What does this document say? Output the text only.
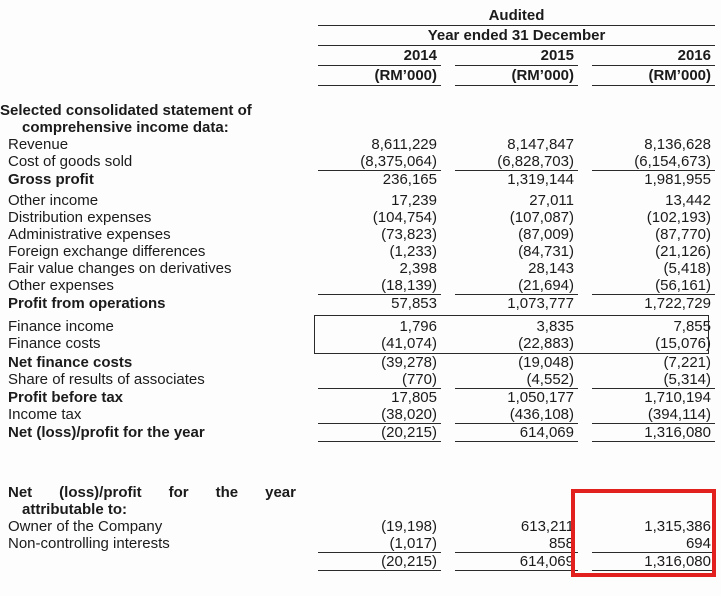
Audited
Year ended 31 December
2014	2015	2016
(RM’000)	(RM’000)	(RM’000)
Selected consolidated statement of
comprehensive income data:
Revenue	8,611,229	8,147,847	8,136,628
Cost of goods sold	(8,375,064)	(6,828,703)	(6,154,673)
Gross profit	236,165	1,319,144	1,981,955
Other income	17,239	27,011	13,442
Distribution expenses	(104,754)	(107,087)	(102,193)
Administrative expenses	(73,823)	(87,009)	(87,770)
Foreign exchange differences	(1,233)	(84,731)	(21,126)
Fair value changes on derivatives	2,398	28,143	(5,418)
Other expenses	(18,139)	(21,694)	(56,161)
Profit from operations	57,853	1,073,777	1,722,729
Finance income	1,796	3,835	7,855
Finance costs	(41,074)	(22,883)	(15,076)
Net finance costs	(39,278)	(19,048)	(7,221)
Share of results of associates	(770)	(4,552)	(5,314)
Profit before tax	17,805	1,050,177	1,710,194
Income tax	(38,020)	(436,108)	(394,114)
Net (loss)/profit for the year	(20,215)	614,069	1,316,080
Net (loss)/profit for the year
attributable to:
Owner of the Company	(19,198)	613,211	1,315,386
Non-controlling interests	(1,017)	858	694
(20,215)	614,069	1,316,080
